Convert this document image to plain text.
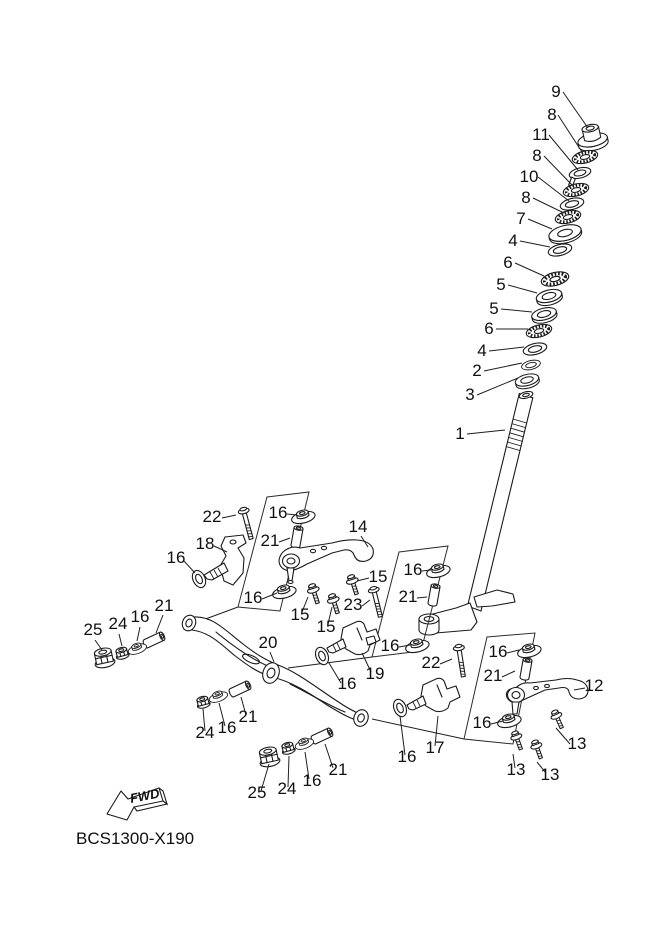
9
8
11
8
10
8
7
4
6
5
5
6
4
2
3
1
22	16
14
18	21
16
16
15
21
23
15
15
21	16
25 24 16
20	16
19
16
22
16
21
12
24 16
21	16
17
16
13
13 13
25 24 16
21
FWD
BCS1300-X190
